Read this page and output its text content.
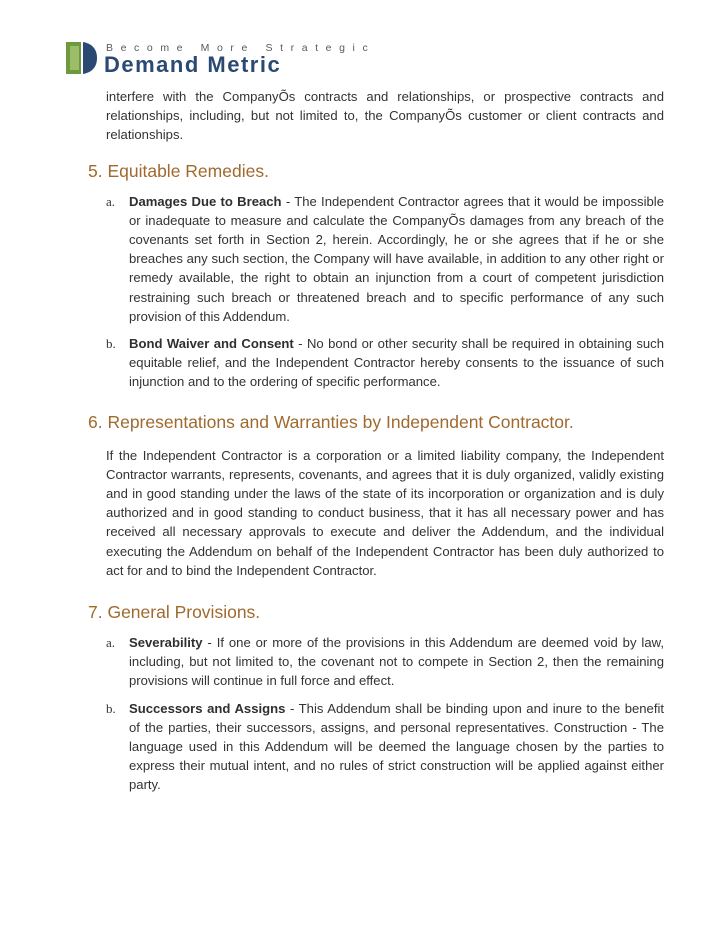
Become More Strategic
Demand Metric

interfere with the CompanyÕs contracts and relationships, or prospective contracts and relationships, including, but not limited to, the CompanyÕs customer or client contracts and relationships.

5. Equitable Remedies.
a.	Damages Due to Breach - The Independent Contractor agrees that it would be impossible or inadequate to measure and calculate the CompanyÕs damages from any breach of the covenants set forth in Section 2, herein. Accordingly, he or she agrees that if he or she breaches any such section, the Company will have available, in addition to any other right or remedy available, the right to obtain an injunction from a court of competent jurisdiction restraining such breach or threatened breach and to specific performance of any such provision of this Addendum.
b.	Bond Waiver and Consent - No bond or other security shall be required in obtaining such equitable relief, and the Independent Contractor hereby consents to the issuance of such injunction and to the ordering of specific performance.
6. Representations and Warranties by Independent Contractor.

If the Independent Contractor is a corporation or a limited liability company, the Independent Contractor warrants, represents, covenants, and agrees that it is duly organized, validly existing and in good standing under the laws of the state of its incorporation or organization and is duly authorized and in good standing to conduct business, that it has all necessary power and has received all necessary approvals to execute and deliver the Addendum, and the individual executing the Addendum on behalf of the Independent Contractor has been duly authorized to act for and to bind the Independent Contractor.

7. General Provisions.
a.	Severability - If one or more of the provisions in this Addendum are deemed void by law, including, but not limited to, the covenant not to compete in Section 2, then the remaining provisions will continue in full force and effect.
b.	Successors and Assigns - This Addendum shall be binding upon and inure to the benefit of the parties, their successors, assigns, and personal representatives. Construction - The language used in this Addendum will be deemed the language chosen by the parties to express their mutual intent, and no rules of strict construction will be applied against either party.
